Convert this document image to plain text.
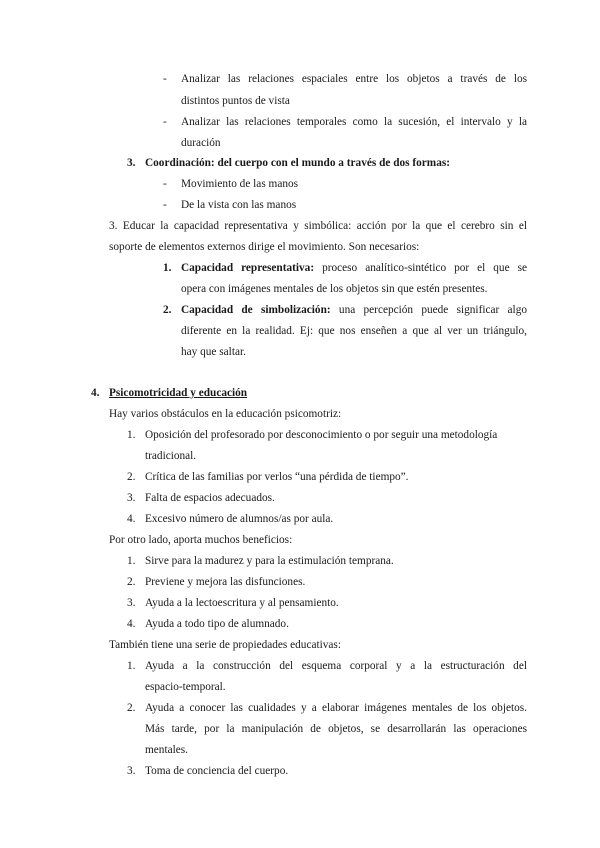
- Analizar las relaciones espaciales entre los objetos a través de los
distintos puntos de vista
- Analizar las relaciones temporales como la sucesión, el intervalo y la
duración
3. Coordinación: del cuerpo con el mundo a través de dos formas:
- Movimiento de las manos
- De la vista con las manos
3. Educar la capacidad representativa y simbólica: acción por la que el cerebro sin el
soporte de elementos externos dirige el movimiento. Son necesarios:
1. Capacidad representativa: proceso analítico-sintético por el que se
opera con imágenes mentales de los objetos sin que estén presentes.
2. Capacidad de simbolización: una percepción puede significar algo
diferente en la realidad. Ej: que nos enseñen a que al ver un triángulo,
hay que saltar.
4. Psicomotricidad y educación
Hay varios obstáculos en la educación psicomotriz:
1. Oposición del profesorado por desconocimiento o por seguir una metodología
tradicional.
2. Crítica de las familias por verlos “una pérdida de tiempo”.
3. Falta de espacios adecuados.
4. Excesivo número de alumnos/as por aula.
Por otro lado, aporta muchos beneficios:
1. Sirve para la madurez y para la estimulación temprana.
2. Previene y mejora las disfunciones.
3. Ayuda a la lectoescritura y al pensamiento.
4. Ayuda a todo tipo de alumnado.
También tiene una serie de propiedades educativas:
1. Ayuda a la construcción del esquema corporal y a la estructuración del
espacio-temporal.
2. Ayuda a conocer las cualidades y a elaborar imágenes mentales de los objetos.
Más tarde, por la manipulación de objetos, se desarrollarán las operaciones
mentales.
3. Toma de conciencia del cuerpo.
